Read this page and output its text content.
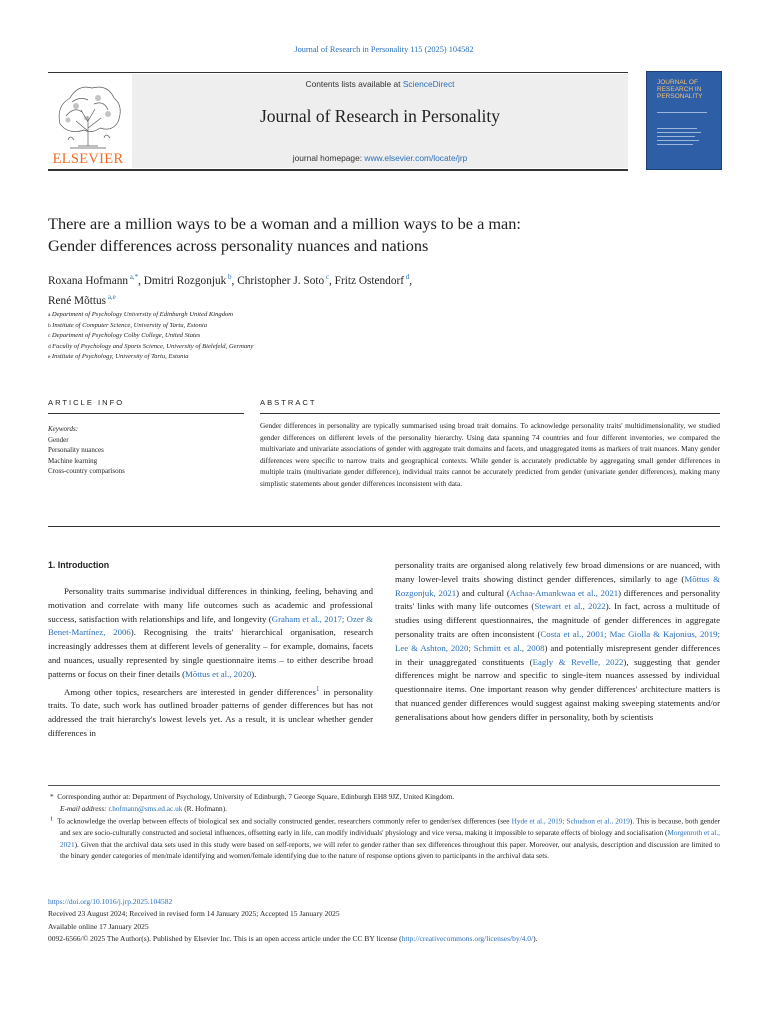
Journal of Research in Personality 115 (2025) 104582
ELSEVIER
Contents lists available at ScienceDirect
Journal of Research in Personality
journal homepage: www.elsevier.com/locate/jrp
JOURNAL OF RESEARCH IN PERSONALITY
There are a million ways to be a woman and a million ways to be a man:
Gender differences across personality nuances and nations
Roxana Hofmann $^{a,*}$, Dmitri Rozgonjuk $^b$, Christopher J. Soto $^c$, Fritz Ostendorf $^d$,
René Mõttus $^{a,e}$
$^a$ Department of Psychology University of Edinburgh United Kingdom
$^b$ Institute of Computer Science, University of Tartu, Estonia
$^c$ Department of Psychology Colby College, United States
$^d$ Faculty of Psychology and Sports Science, University of Bielefeld, Germany
$^e$ Institute of Psychology, University of Tartu, Estonia
ARTICLE INFO	ABSTRACT
Keywords:
Gender
Personality nuances
Machine learning
Cross-country comparisons
Gender differences in personality are typically summarised using broad trait domains. To acknowledge personality traits' multidimensionality, we studied gender differences on different levels of the personality hierarchy. Using data spanning 74 countries and four different inventories, we compared the multivariate and univariate associations of gender with aggregate trait domains and facets, and unaggregated items as markers of trait nuances. Many gender differences were specific to narrow traits and geographical contexts. While gender is accurately predictable by aggregating small gender differences in multiple traits (multivariate gender difference), individual traits cannot be accurately predicted from gender (univariate gender differences), making many simplistic statements about gender differences inconsistent with data.
1. Introduction

Personality traits summarise individual differences in thinking, feeling, behaving and motivation and correlate with many life outcomes such as academic and professional success, satisfaction with relationships and life, and longevity (Graham et al., 2017; Ozer & Benet-Martínez, 2006). Recognising the traits' hierarchical organisation, research increasingly addresses them at different levels of generality – for example, domains, facets and nuances, usually represented by single questionnaire items – to either describe broad patterns or focus on their finer details (Mõttus et al., 2020).

Among other topics, researchers are interested in gender differences$^1$ in personality traits. To date, such work has outlined broader patterns of gender differences but has not addressed the trait hierarchy's lowest levels yet. As a result, it is unclear whether gender differences in

personality traits are organised along relatively few broad dimensions or are nuanced, with many lower-level traits showing distinct gender differences, similarly to age (Mõttus & Rozgonjuk, 2021) and cultural (Achaa-Amankwaa et al., 2021) differences and personality traits' links with many life outcomes (Stewart et al., 2022). In fact, across a multitude of studies using different questionnaires, the magnitude of gender differences in aggregate personality traits are often inconsistent (Costa et al., 2001; Mac Giolla & Kajonius, 2019; Lee & Ashton, 2020; Schmitt et al., 2008) and potentially misrepresent gender differences in their unaggregated constituents (Eagly & Revelle, 2022), suggesting that gender differences might be narrow and specific to single-item nuances assessed by individual questionnaire items. One important reason why gender differences' architecture matters is that nuanced gender differences would suggest against making sweeping statements and/or generalisations about how genders differ in personality, both by scientists

*  Corresponding author at: Department of Psychology, University of Edinburgh, 7 George Square, Edinburgh EH8 9JZ, United Kingdom.

E-mail address: r.hofmann@sms.ed.ac.uk (R. Hofmann).

$^1$ To acknowledge the overlap between effects of biological sex and socially constructed gender, researchers commonly refer to gender/sex differences (see Hyde et al., 2019; Schudson et al., 2019). This is because, both gender and sex are socio-culturally constructed and societal influences, offsetting early in life, can modify individuals' physiology and vice versa, making it impossible to separate effects of biology and socialisation (Morgenroth et al., 2021). Given that the archival data sets used in this study were based on self-reports, we will refer to gender rather than sex differences throughout this paper. Moreover, our analysis, description and discussion are limited to the binary gender categories of men/male identifying and women/female identifying due to the nature of response options given to participants in the archival data sets.

https://doi.org/10.1016/j.jrp.2025.104582
Received 23 August 2024; Received in revised form 14 January 2025; Accepted 15 January 2025
Available online 17 January 2025
0092-6566/© 2025 The Author(s). Published by Elsevier Inc. This is an open access article under the CC BY license (http://creativecommons.org/licenses/by/4.0/).
